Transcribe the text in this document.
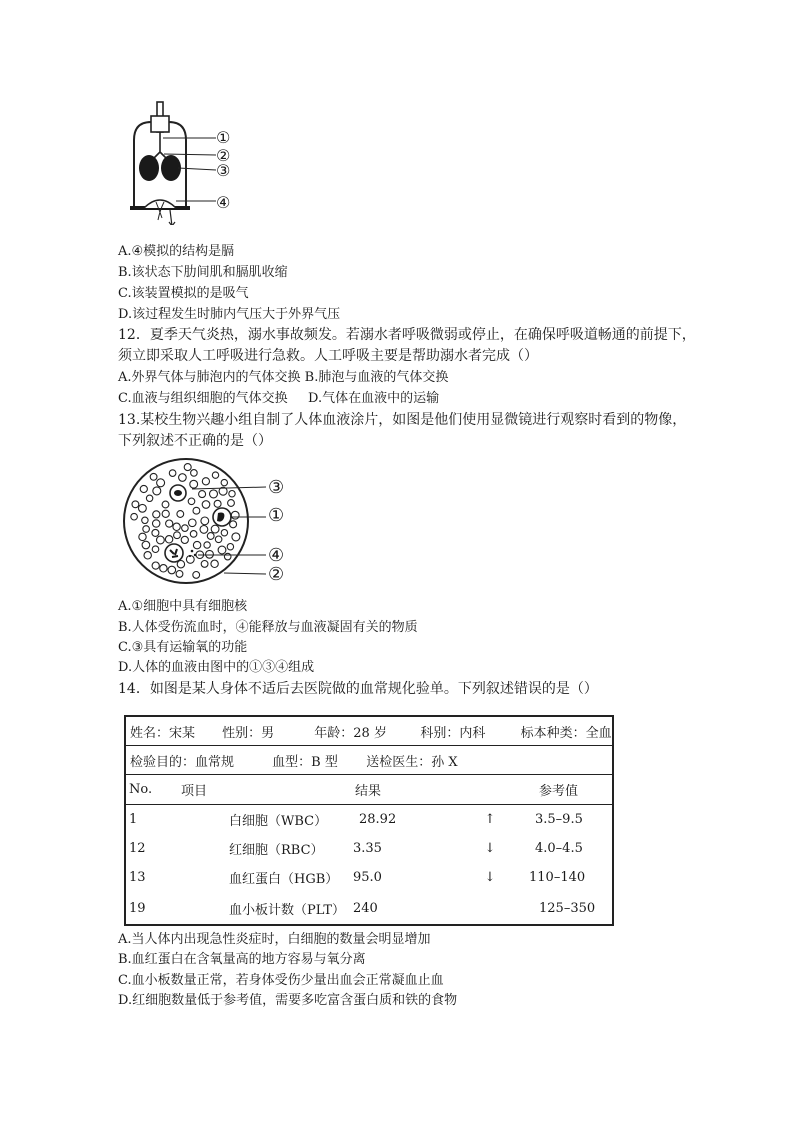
①
②
③
④
A.④模拟的结构是膈
B.该状态下肋间肌和膈肌收缩
C.该装置模拟的是吸气
D.该过程发生时肺内气压大于外界气压
12．夏季天气炎热，溺水事故频发。若溺水者呼吸微弱或停止，在确保呼吸道畅通的前提下，
须立即采取人工呼吸进行急救。人工呼吸主要是帮助溺水者完成（）
A.外界气体与肺泡内的气体交换 B.肺泡与血液的气体交换
C.血液与组织细胞的气体交换 D.气体在血液中的运输
13.某校生物兴趣小组自制了人体血液涂片，如图是他们使用显微镜进行观察时看到的物像，
下列叙述不正确的是（）
③
①
④
②
A.①细胞中具有细胞核
B.人体受伤流血时，④能释放与血液凝固有关的物质
C.③具有运输氧的功能
D.人体的血液由图中的①③④组成
14．如图是某人身体不适后去医院做的血常规化验单。下列叙述错误的是（）
姓名：宋某 性别：男 年龄：28 岁 科别：内科 标本种类：全血					
检验目的：血常规 血型：B 型 送检医生：孙 X					
No.	项目	结果		参考值	
1	白细胞（WBC）	28.92	↑	3.5–9.5	
12	红细胞（RBC）	3.35	↓	4.0–4.5	
13	血红蛋白（HGB）	95.0	↓	110–140	
19	血小板计数（PLT）	240		125–350	
A.当人体内出现急性炎症时，白细胞的数量会明显增加
B.血红蛋白在含氧量高的地方容易与氧分离
C.血小板数量正常，若身体受伤少量出血会正常凝血止血
D.红细胞数量低于参考值，需要多吃富含蛋白质和铁的食物
